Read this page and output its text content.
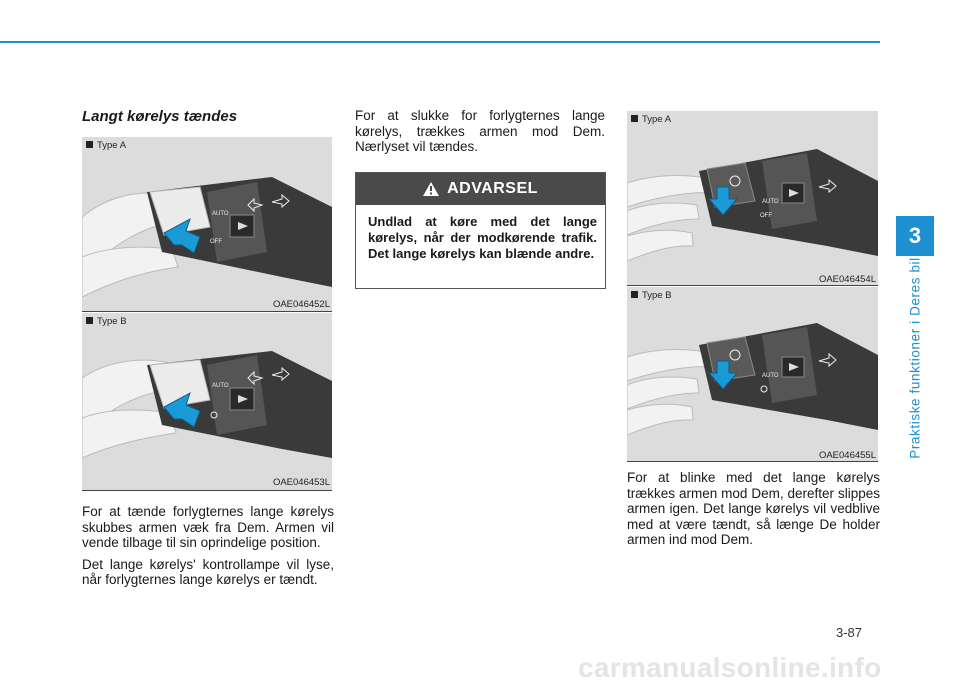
3
Praktiske funktioner i Deres bil
Langt kørelys tændes
AUTO
OFF
Type A
OAE046452L
AUTO
Type B
OAE046453L

For at tænde forlygternes lange kørelys skubbes armen væk fra Dem. Armen vil vende tilbage til sin oprindelige position.

Det lange kørelys' kontrollampe vil lyse, når forlygternes lange kørelys er tændt.

For at slukke for forlygternes lange kørelys, trækkes armen mod Dem. Nærlyset vil tændes.

ADVARSEL
Undlad at køre med det lange kørelys, når der modkørende trafik. Det lange kørelys kan blænde andre.
AUTO
OFF
Type A
OAE046454L
AUTO
Type B
OAE046455L

For at blinke med det lange kørelys trækkes armen mod Dem, derefter slippes armen igen. Det lange kørelys vil vedblive med at være tændt, så længe De holder armen ind mod Dem.

3-87
carmanualsonline.info
